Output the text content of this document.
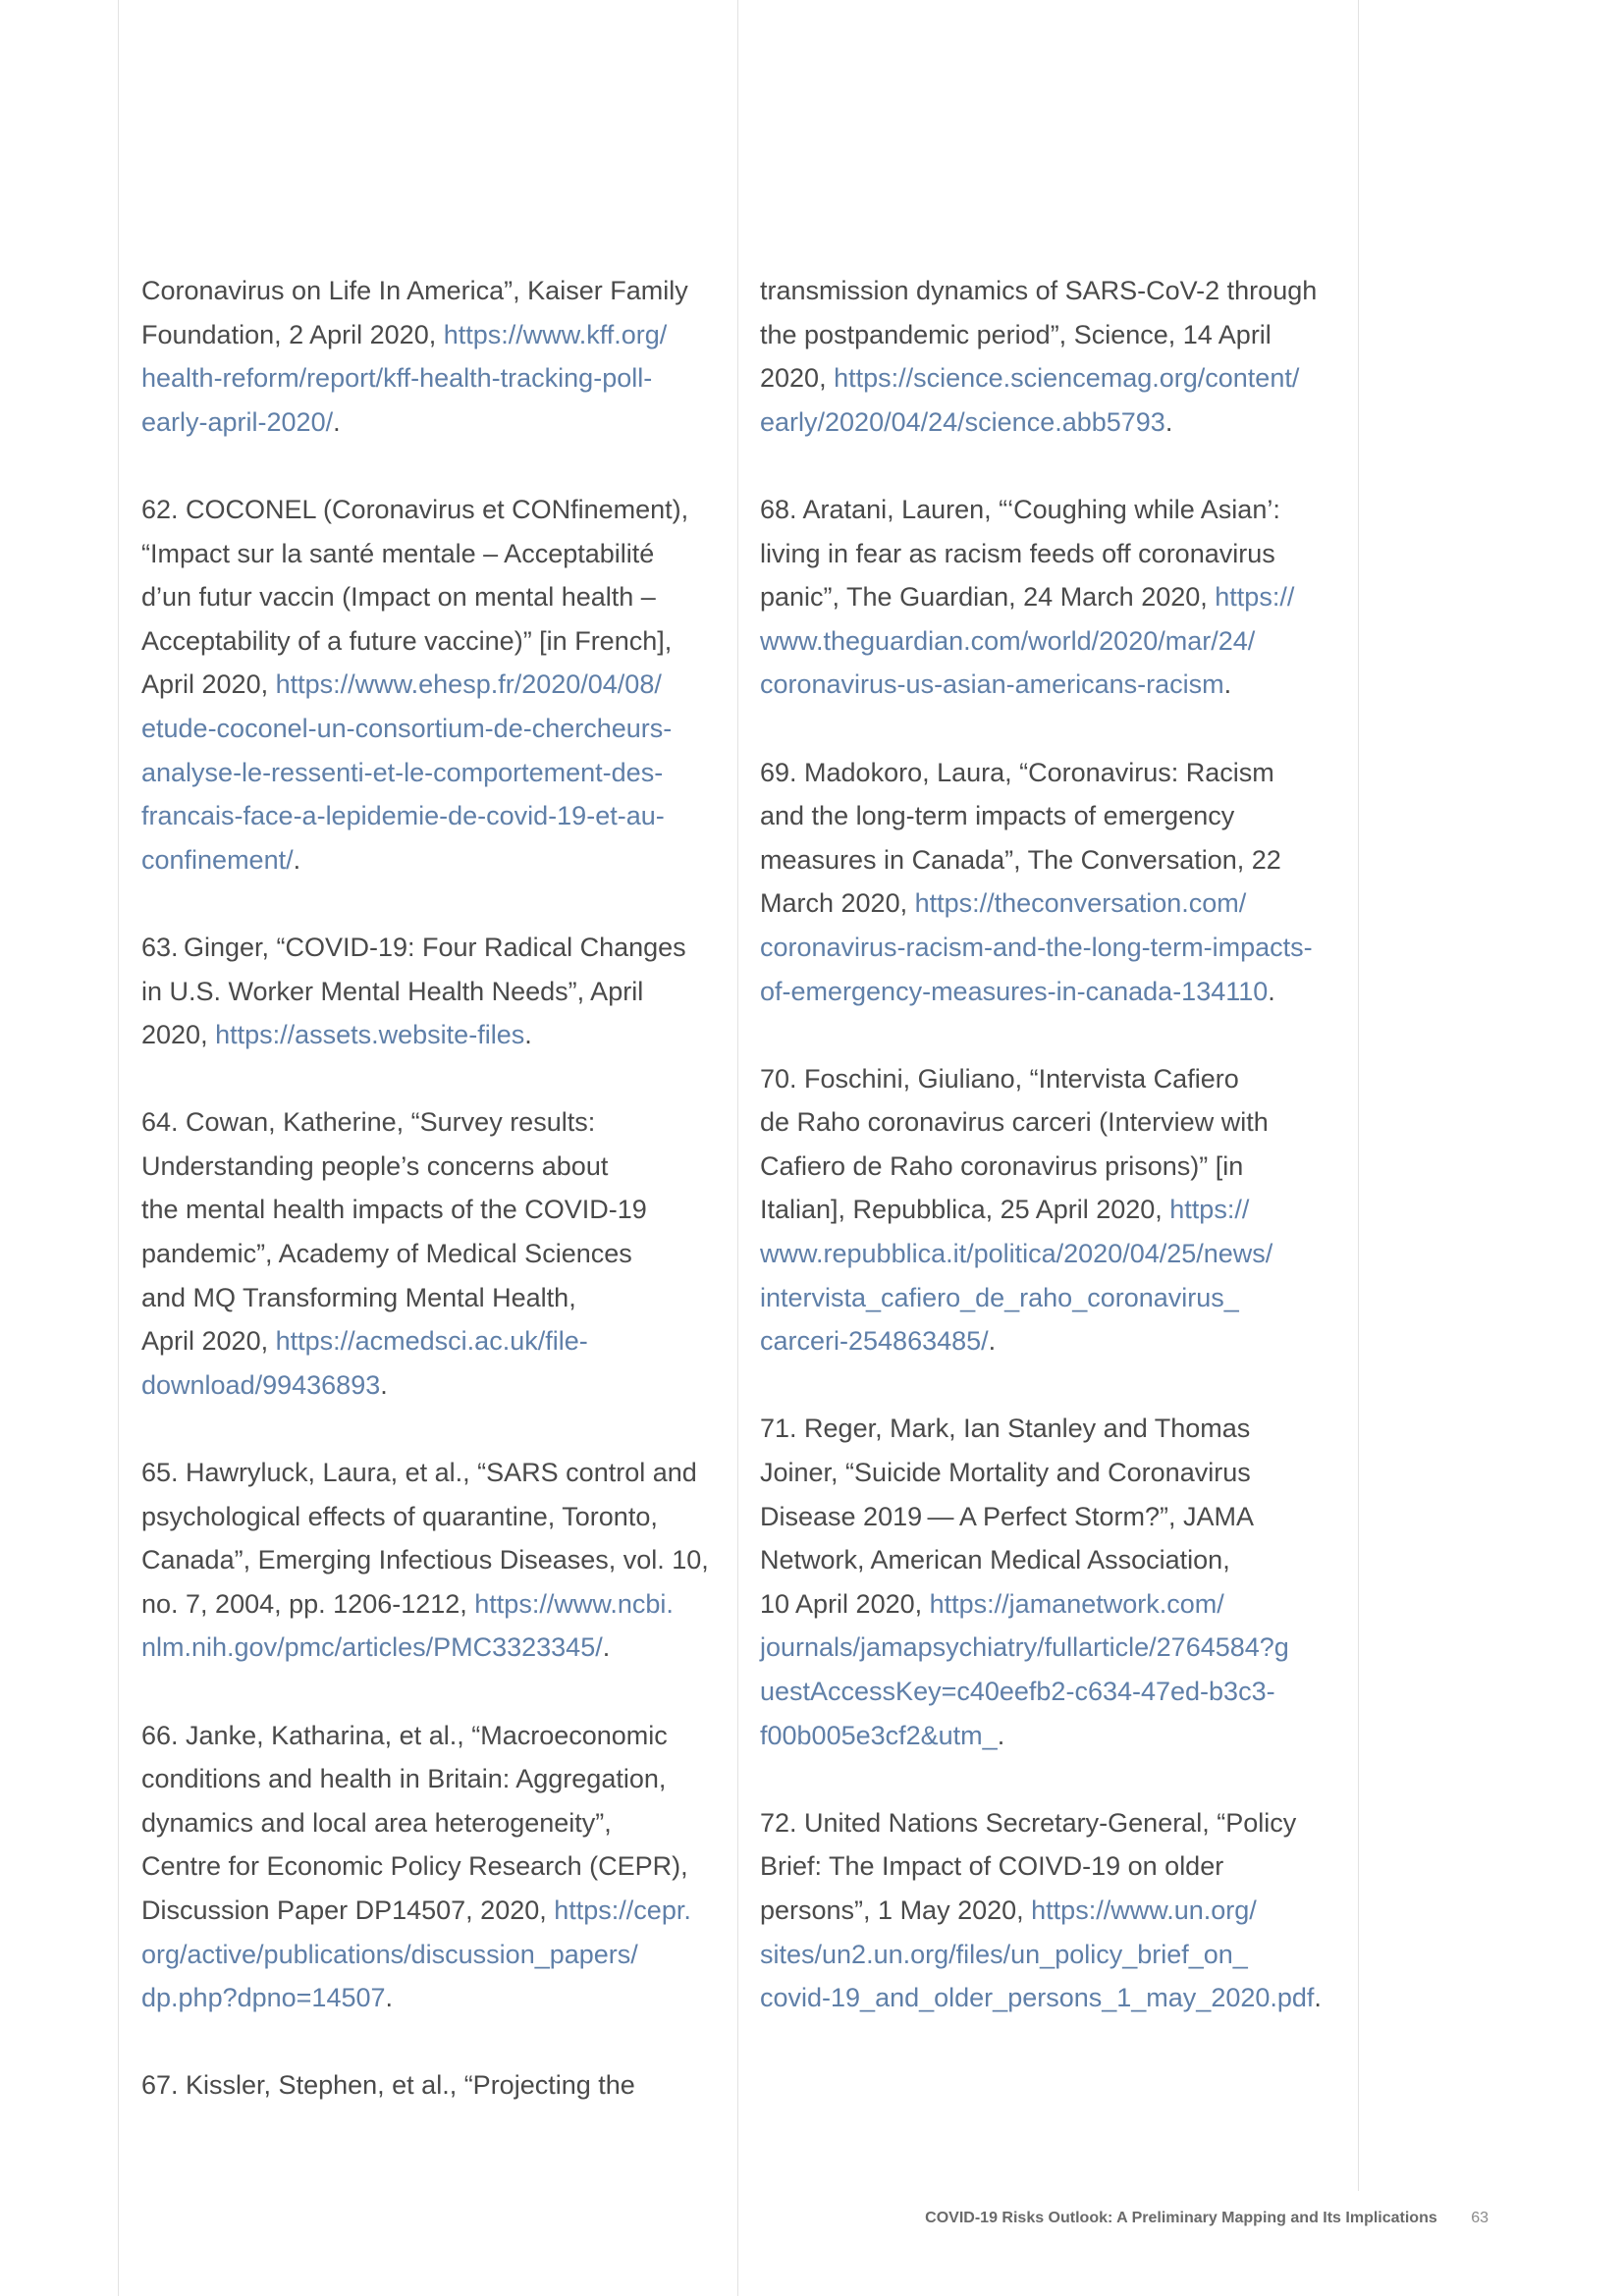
Coronavirus on Life In America”, Kaiser Family
Foundation, 2 April 2020, https://www.kff.org/
health-reform/report/kff-health-tracking-poll-
early-april-2020/.
62. COCONEL (Coronavirus et CONfinement),
“Impact sur la santé mentale – Acceptabilité
d’un futur vaccin (Impact on mental health –
Acceptability of a future vaccine)” [in French],
April 2020, https://www.ehesp.fr/2020/04/08/
etude-coconel-un-consortium-de-chercheurs-
analyse-le-ressenti-et-le-comportement-des-
francais-face-a-lepidemie-de-covid-19-et-au-
confinement/.
63. Ginger, “COVID-19: Four Radical Changes
in U.S. Worker Mental Health Needs”, April
2020, https://assets.website-files.
64. Cowan, Katherine, “Survey results:
Understanding people’s concerns about
the mental health impacts of the COVID-19
pandemic”, Academy of Medical Sciences
and MQ Transforming Mental Health,
April 2020, https://acmedsci.ac.uk/file-
download/99436893.
65. Hawryluck, Laura, et al., “SARS control and
psychological effects of quarantine, Toronto,
Canada”, Emerging Infectious Diseases, vol. 10,
no. 7, 2004, pp. 1206-1212, https://www.ncbi.
nlm.nih.gov/pmc/articles/PMC3323345/.
66. Janke, Katharina, et al., “Macroeconomic
conditions and health in Britain: Aggregation,
dynamics and local area heterogeneity”,
Centre for Economic Policy Research (CEPR),
Discussion Paper DP14507, 2020, https://cepr.
org/active/publications/discussion_papers/
dp.php?dpno=14507.
67. Kissler, Stephen, et al., “Projecting the
transmission dynamics of SARS-CoV-2 through
the postpandemic period”, Science, 14 April
2020, https://science.sciencemag.org/content/
early/2020/04/24/science.abb5793.
68. Aratani, Lauren, “‘Coughing while Asian’:
living in fear as racism feeds off coronavirus
panic”, The Guardian, 24 March 2020, https://
www.theguardian.com/world/2020/mar/24/
coronavirus-us-asian-americans-racism.
69. Madokoro, Laura, “Coronavirus: Racism
and the long-term impacts of emergency
measures in Canada”, The Conversation, 22
March 2020, https://theconversation.com/
coronavirus-racism-and-the-long-term-impacts-
of-emergency-measures-in-canada-134110.
70. Foschini, Giuliano, “Intervista Cafiero
de Raho coronavirus carceri (Interview with
Cafiero de Raho coronavirus prisons)” [in
Italian], Repubblica, 25 April 2020, https://
www.repubblica.it/politica/2020/04/25/news/
intervista_cafiero_de_raho_coronavirus_
carceri-254863485/.
71. Reger, Mark, Ian Stanley and Thomas
Joiner, “Suicide Mortality and Coronavirus
Disease 2019 — A Perfect Storm?”, JAMA
Network, American Medical Association,
10 April 2020, https://jamanetwork.com/
journals/jamapsychiatry/fullarticle/2764584?g
uestAccessKey=c40eefb2-c634-47ed-b3c3-
f00b005e3cf2&utm_.
72. United Nations Secretary-General, “Policy
Brief: The Impact of COIVD-19 on older
persons”, 1 May 2020, https://www.un.org/
sites/un2.un.org/files/un_policy_brief_on_
covid-19_and_older_persons_1_may_2020.pdf.
COVID-19 Risks Outlook: A Preliminary Mapping and Its Implications 63
